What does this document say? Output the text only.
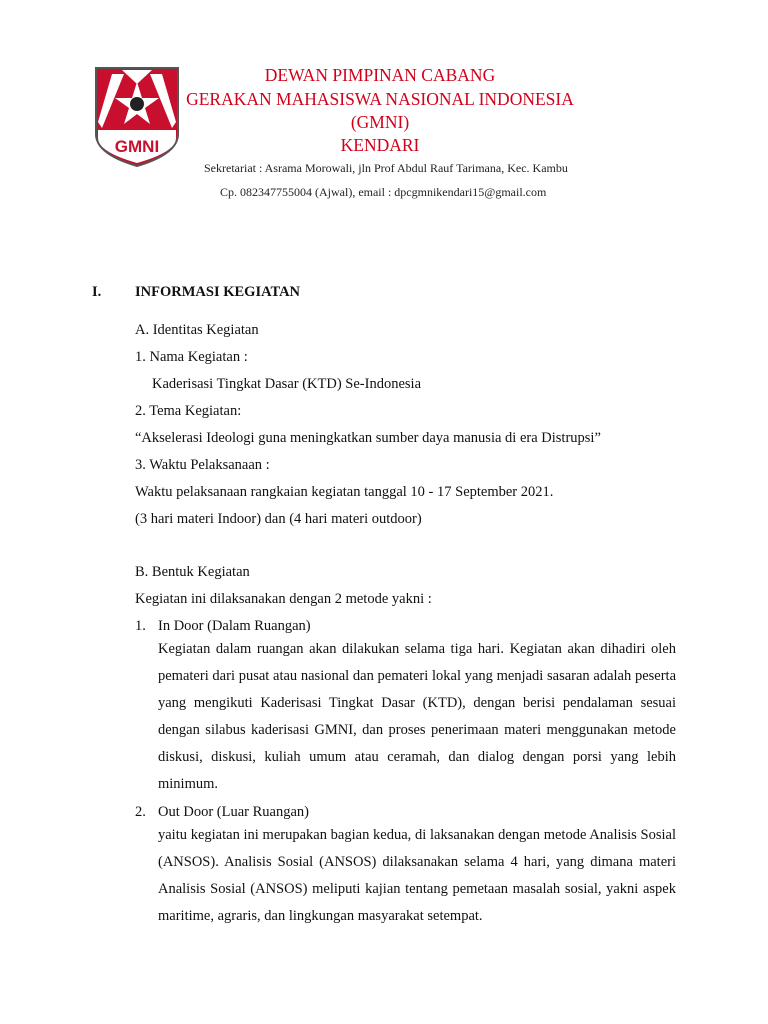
GMNI

DEWAN PIMPINAN CABANG

GERAKAN MAHASISWA NASIONAL INDONESIA

(GMNI)

KENDARI

Sekretariat : Asrama Morowali, jln Prof Abdul Rauf Tarimana, Kec. Kambu

Cp. 082347755004 (Ajwal), email : dpcgmnikendari15@gmail.com

I. INFORMASI KEGIATAN

A. Identitas Kegiatan

1. Nama Kegiatan :

Kaderisasi Tingkat Dasar (KTD) Se-Indonesia

2. Tema Kegiatan:

“Akselerasi Ideologi guna meningkatkan sumber daya manusia di era Distrupsi”

3. Waktu Pelaksanaan :

Waktu pelaksanaan rangkaian kegiatan tanggal 10 - 17 September 2021.

(3 hari materi Indoor) dan (4 hari materi outdoor)

B. Bentuk Kegiatan

Kegiatan ini dilaksanakan dengan 2 metode yakni :

1. In Door (Dalam Ruangan)

Kegiatan dalam ruangan akan dilakukan selama tiga hari. Kegiatan akan dihadiri oleh pemateri dari pusat atau nasional dan pemateri lokal yang menjadi sasaran adalah peserta yang mengikuti Kaderisasi Tingkat Dasar (KTD), dengan berisi pendalaman sesuai dengan silabus kaderisasi GMNI, dan proses penerimaan materi menggunakan metode diskusi, diskusi, kuliah umum atau ceramah, dan dialog dengan porsi yang lebih minimum.

2. Out Door (Luar Ruangan)

yaitu kegiatan ini merupakan bagian kedua, di laksanakan dengan metode Analisis Sosial (ANSOS). Analisis Sosial (ANSOS) dilaksanakan selama 4 hari, yang dimana materi Analisis Sosial (ANSOS) meliputi kajian tentang pemetaan masalah sosial, yakni aspek maritime, agraris, dan lingkungan masyarakat setempat.
